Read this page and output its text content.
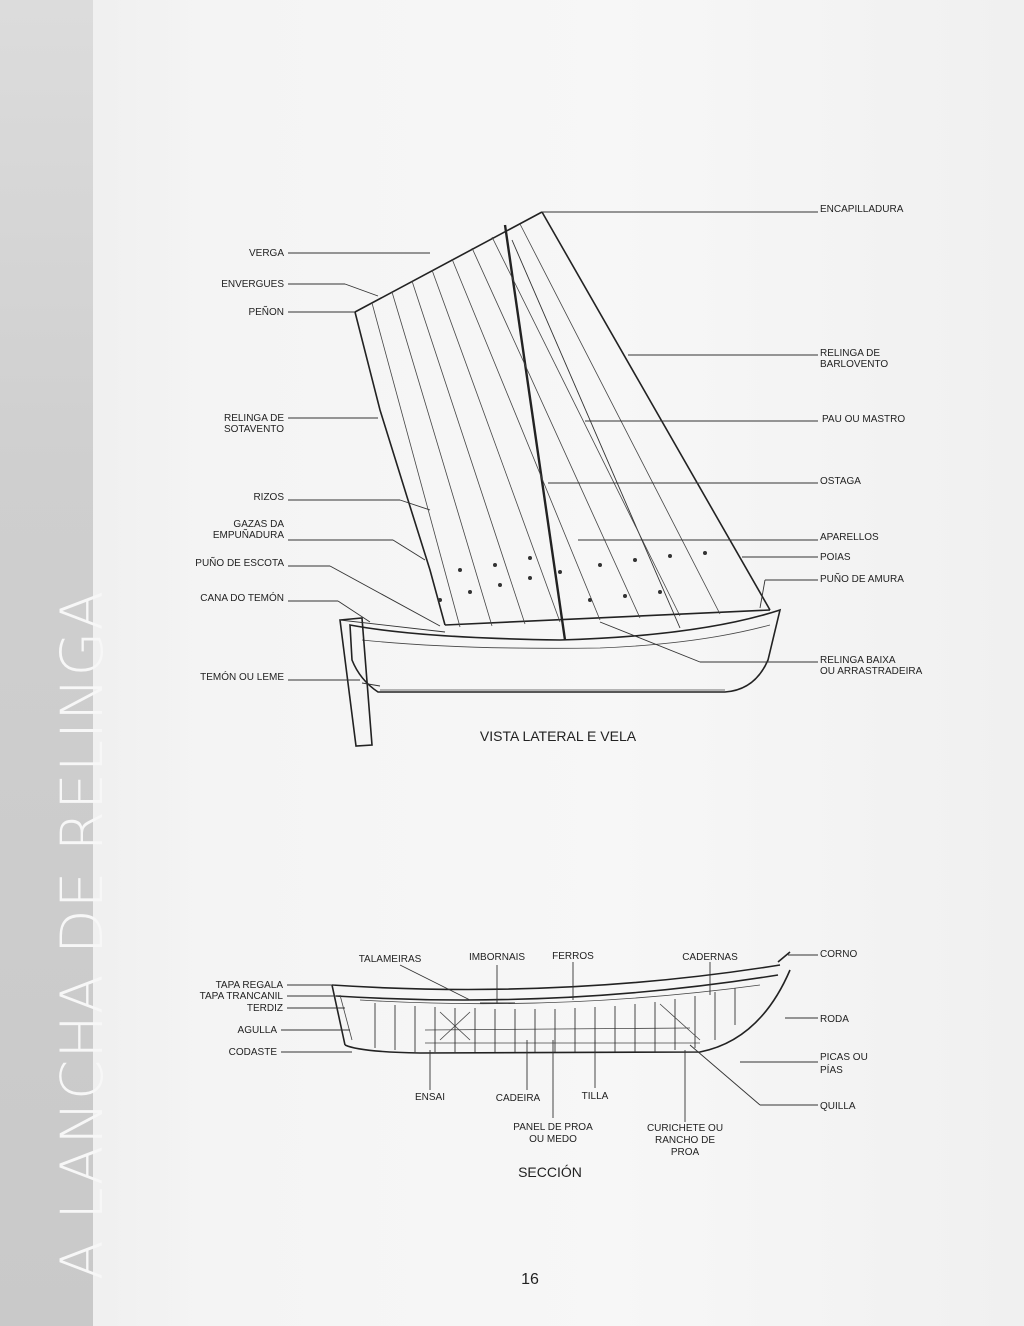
A LANCHA DE RELINGA
VERGA
ENVERGUES
PEÑON
RELINGA DE
SOTAVENTO
RIZOS
GAZAS DA
EMPUÑADURA
PUÑO DE ESCOTA
CANA DO TEMÓN
TEMÓN OU LEME
ENCAPILLADURA
RELINGA DE
BARLOVENTO
PAU OU MASTRO
OSTAGA
APARELLOS
POIAS
PUÑO DE AMURA
RELINGA BAIXA
OU ARRASTRADEIRA
VISTA LATERAL E VELA
TALAMEIRAS	IMBORNAIS	FERROS	CADERNAS	CORNO
TAPA REGALA
TAPA TRANCANIL
TERDIZ
AGULLA
CODASTE
RODA
PICAS OU
PÍAS
QUILLA
ENSAI	CADEIRA	TILLA
PANEL DE PROA
OU MEDO
CURICHETE OU
RANCHO DE
PROA
SECCIÓN
16
